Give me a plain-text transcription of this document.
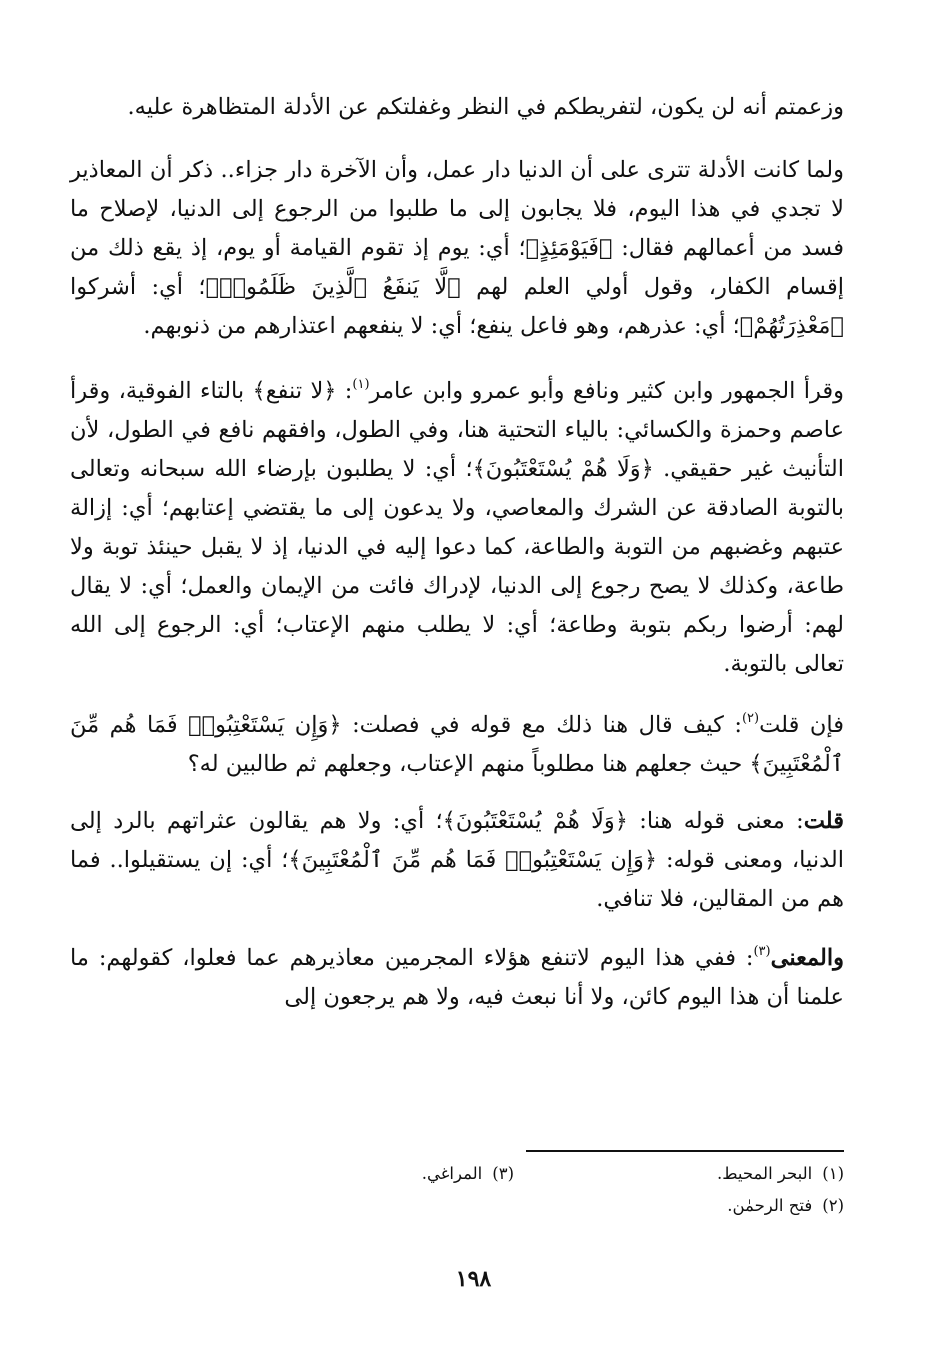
وزعمتم أنه لن يكون، لتفريطكم في النظر وغفلتكم عن الأدلة المتظاهرة عليه.

ولما كانت الأدلة تترى على أن الدنيا دار عمل، وأن الآخرة دار جزاء.. ذكر أن المعاذير لا تجدي في هذا اليوم، فلا يجابون إلى ما طلبوا من الرجوع إلى الدنيا، لإصلاح ما فسد من أعمالهم فقال: ﴿فَيَوْمَئِذٍ﴾؛ أي: يوم إذ تقوم القيامة أو يوم، إذ يقع ذلك من إقسام الكفار، وقول أولي العلم لهم ﴿لَّا يَنفَعُ ٱلَّذِينَ ظَلَمُوا۟﴾؛ أي: أشركوا ﴿مَعْذِرَتُهُمْ﴾؛ أي: عذرهم، وهو فاعل ينفع؛ أي: لا ينفعهم اعتذارهم من ذنوبهم.

وقرأ الجمهور وابن كثير ونافع وأبو عمرو وابن عامر$^{(١)}$: ﴿لا تنفع﴾ بالتاء الفوقية، وقرأ عاصم وحمزة والكسائي: بالياء التحتية هنا، وفي الطول، وافقهم نافع في الطول، لأن التأنيث غير حقيقي. ﴿وَلَا هُمْ يُسْتَعْتَبُونَ﴾؛ أي: لا يطلبون بإرضاء الله سبحانه وتعالى بالتوبة الصادقة عن الشرك والمعاصي، ولا يدعون إلى ما يقتضي إعتابهم؛ أي: إزالة عتبهم وغضبهم من التوبة والطاعة، كما دعوا إليه في الدنيا، إذ لا يقبل حينئذ توبة ولا طاعة، وكذلك لا يصح رجوع إلى الدنيا، لإدراك فائت من الإيمان والعمل؛ أي: لا يقال لهم: أرضوا ربكم بتوبة وطاعة؛ أي: لا يطلب منهم الإعتاب؛ أي: الرجوع إلى الله تعالى بالتوبة.

فإن قلت$^{(٢)}$: كيف قال هنا ذلك مع قوله في فصلت: ﴿وَإِن يَسْتَعْتِبُوا۟ فَمَا هُم مِّنَ ٱلْمُعْتَبِينَ﴾ حيث جعلهم هنا مطلوباً منهم الإعتاب، وجعلهم ثم طالبين له؟

قلت: معنى قوله هنا: ﴿وَلَا هُمْ يُسْتَعْتَبُونَ﴾؛ أي: ولا هم يقالون عثراتهم بالرد إلى الدنيا، ومعنى قوله: ﴿وَإِن يَسْتَعْتِبُوا۟ فَمَا هُم مِّنَ ٱلْمُعْتَبِينَ﴾؛ أي: إن يستقيلوا.. فما هم من المقالين، فلا تنافي.

والمعنى$^{(٣)}$: ففي هذا اليوم لاتنفع هؤلاء المجرمين معاذيرهم عما فعلوا، كقولهم: ما علمنا أن هذا اليوم كائن، ولا أنا نبعث فيه، ولا هم يرجعون إلى

(١)البحر المحيط.
(٣)المراغي.
(٢)فتح الرحمٰن.
١٩٨
